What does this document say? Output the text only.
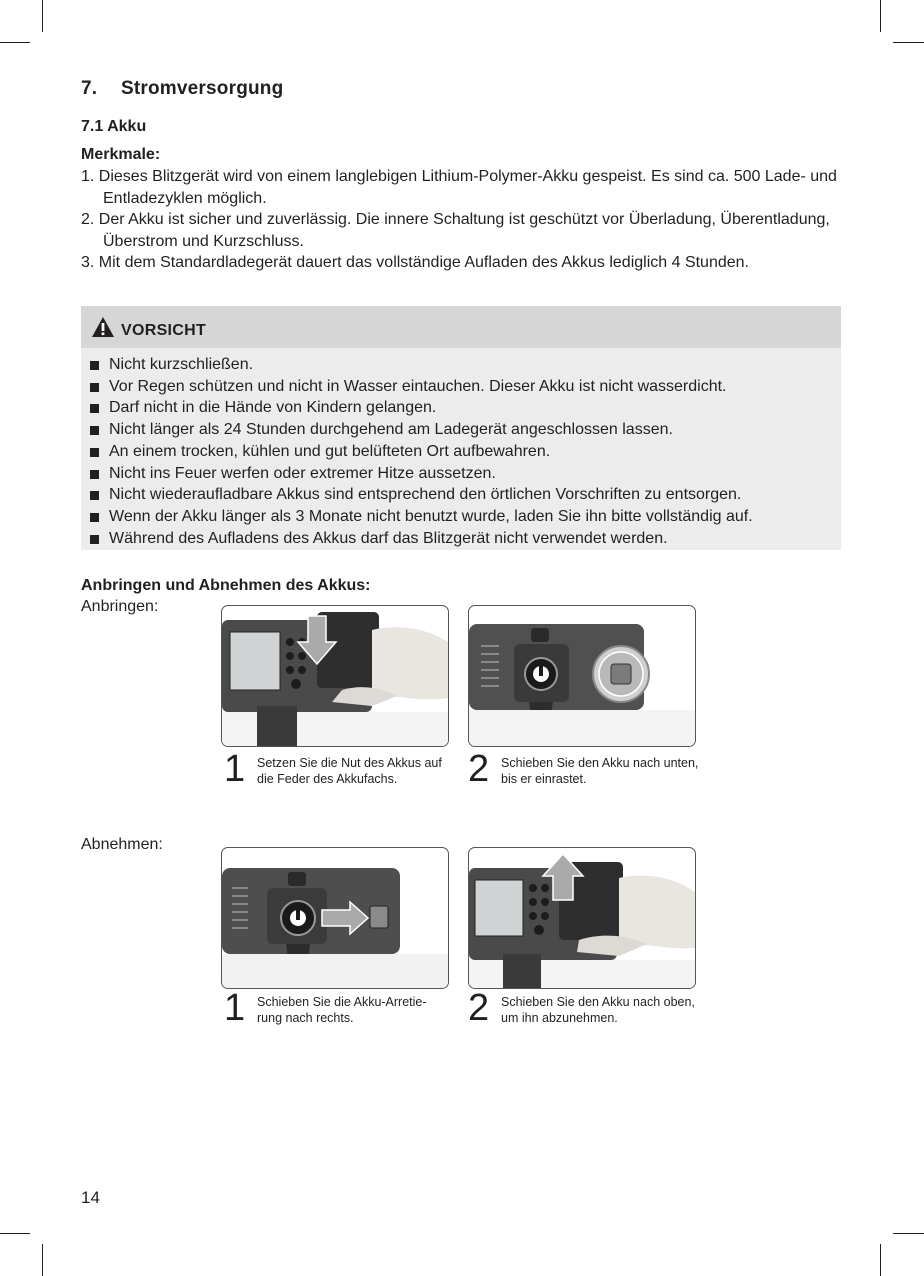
7. Stromversorgung
7.1 Akku
Merkmale:
1. Dieses Blitzgerät wird von einem langlebigen Lithium-Polymer-Akku gespeist. Es sind ca. 500 Lade- und Entladezyklen möglich.
2. Der Akku ist sicher und zuverlässig. Die innere Schaltung ist geschützt vor Überladung, Überentladung, Überstrom und Kurzschluss.
3. Mit dem Standardladegerät dauert das vollständige Aufladen des Akkus lediglich 4 Stunden.
VORSICHT
Nicht kurzschließen.
Vor Regen schützen und nicht in Wasser eintauchen. Dieser Akku ist nicht wasserdicht.
Darf nicht in die Hände von Kindern gelangen.
Nicht länger als 24 Stunden durchgehend am Ladegerät angeschlossen lassen.
An einem trocken, kühlen und gut belüfteten Ort aufbewahren.
Nicht ins Feuer werfen oder extremer Hitze aussetzen.
Nicht wiederaufladbare Akkus sind entsprechend den örtlichen Vorschriften zu entsorgen.
Wenn der Akku länger als 3 Monate nicht benutzt wurde, laden Sie ihn bitte vollständig auf.
Während des Aufladens des Akkus darf das Blitzgerät nicht verwendet werden.
Anbringen und Abnehmen des Akkus:
Anbringen:
Abnehmen:
1 Setzen Sie die Nut des Akkus auf die Feder des Akkufachs.	2 Schieben Sie den Akku nach unten, bis er einrastet.
1 Schieben Sie die Akku-Arretie-rung nach rechts.	2 Schieben Sie den Akku nach oben, um ihn abzunehmen.
14
